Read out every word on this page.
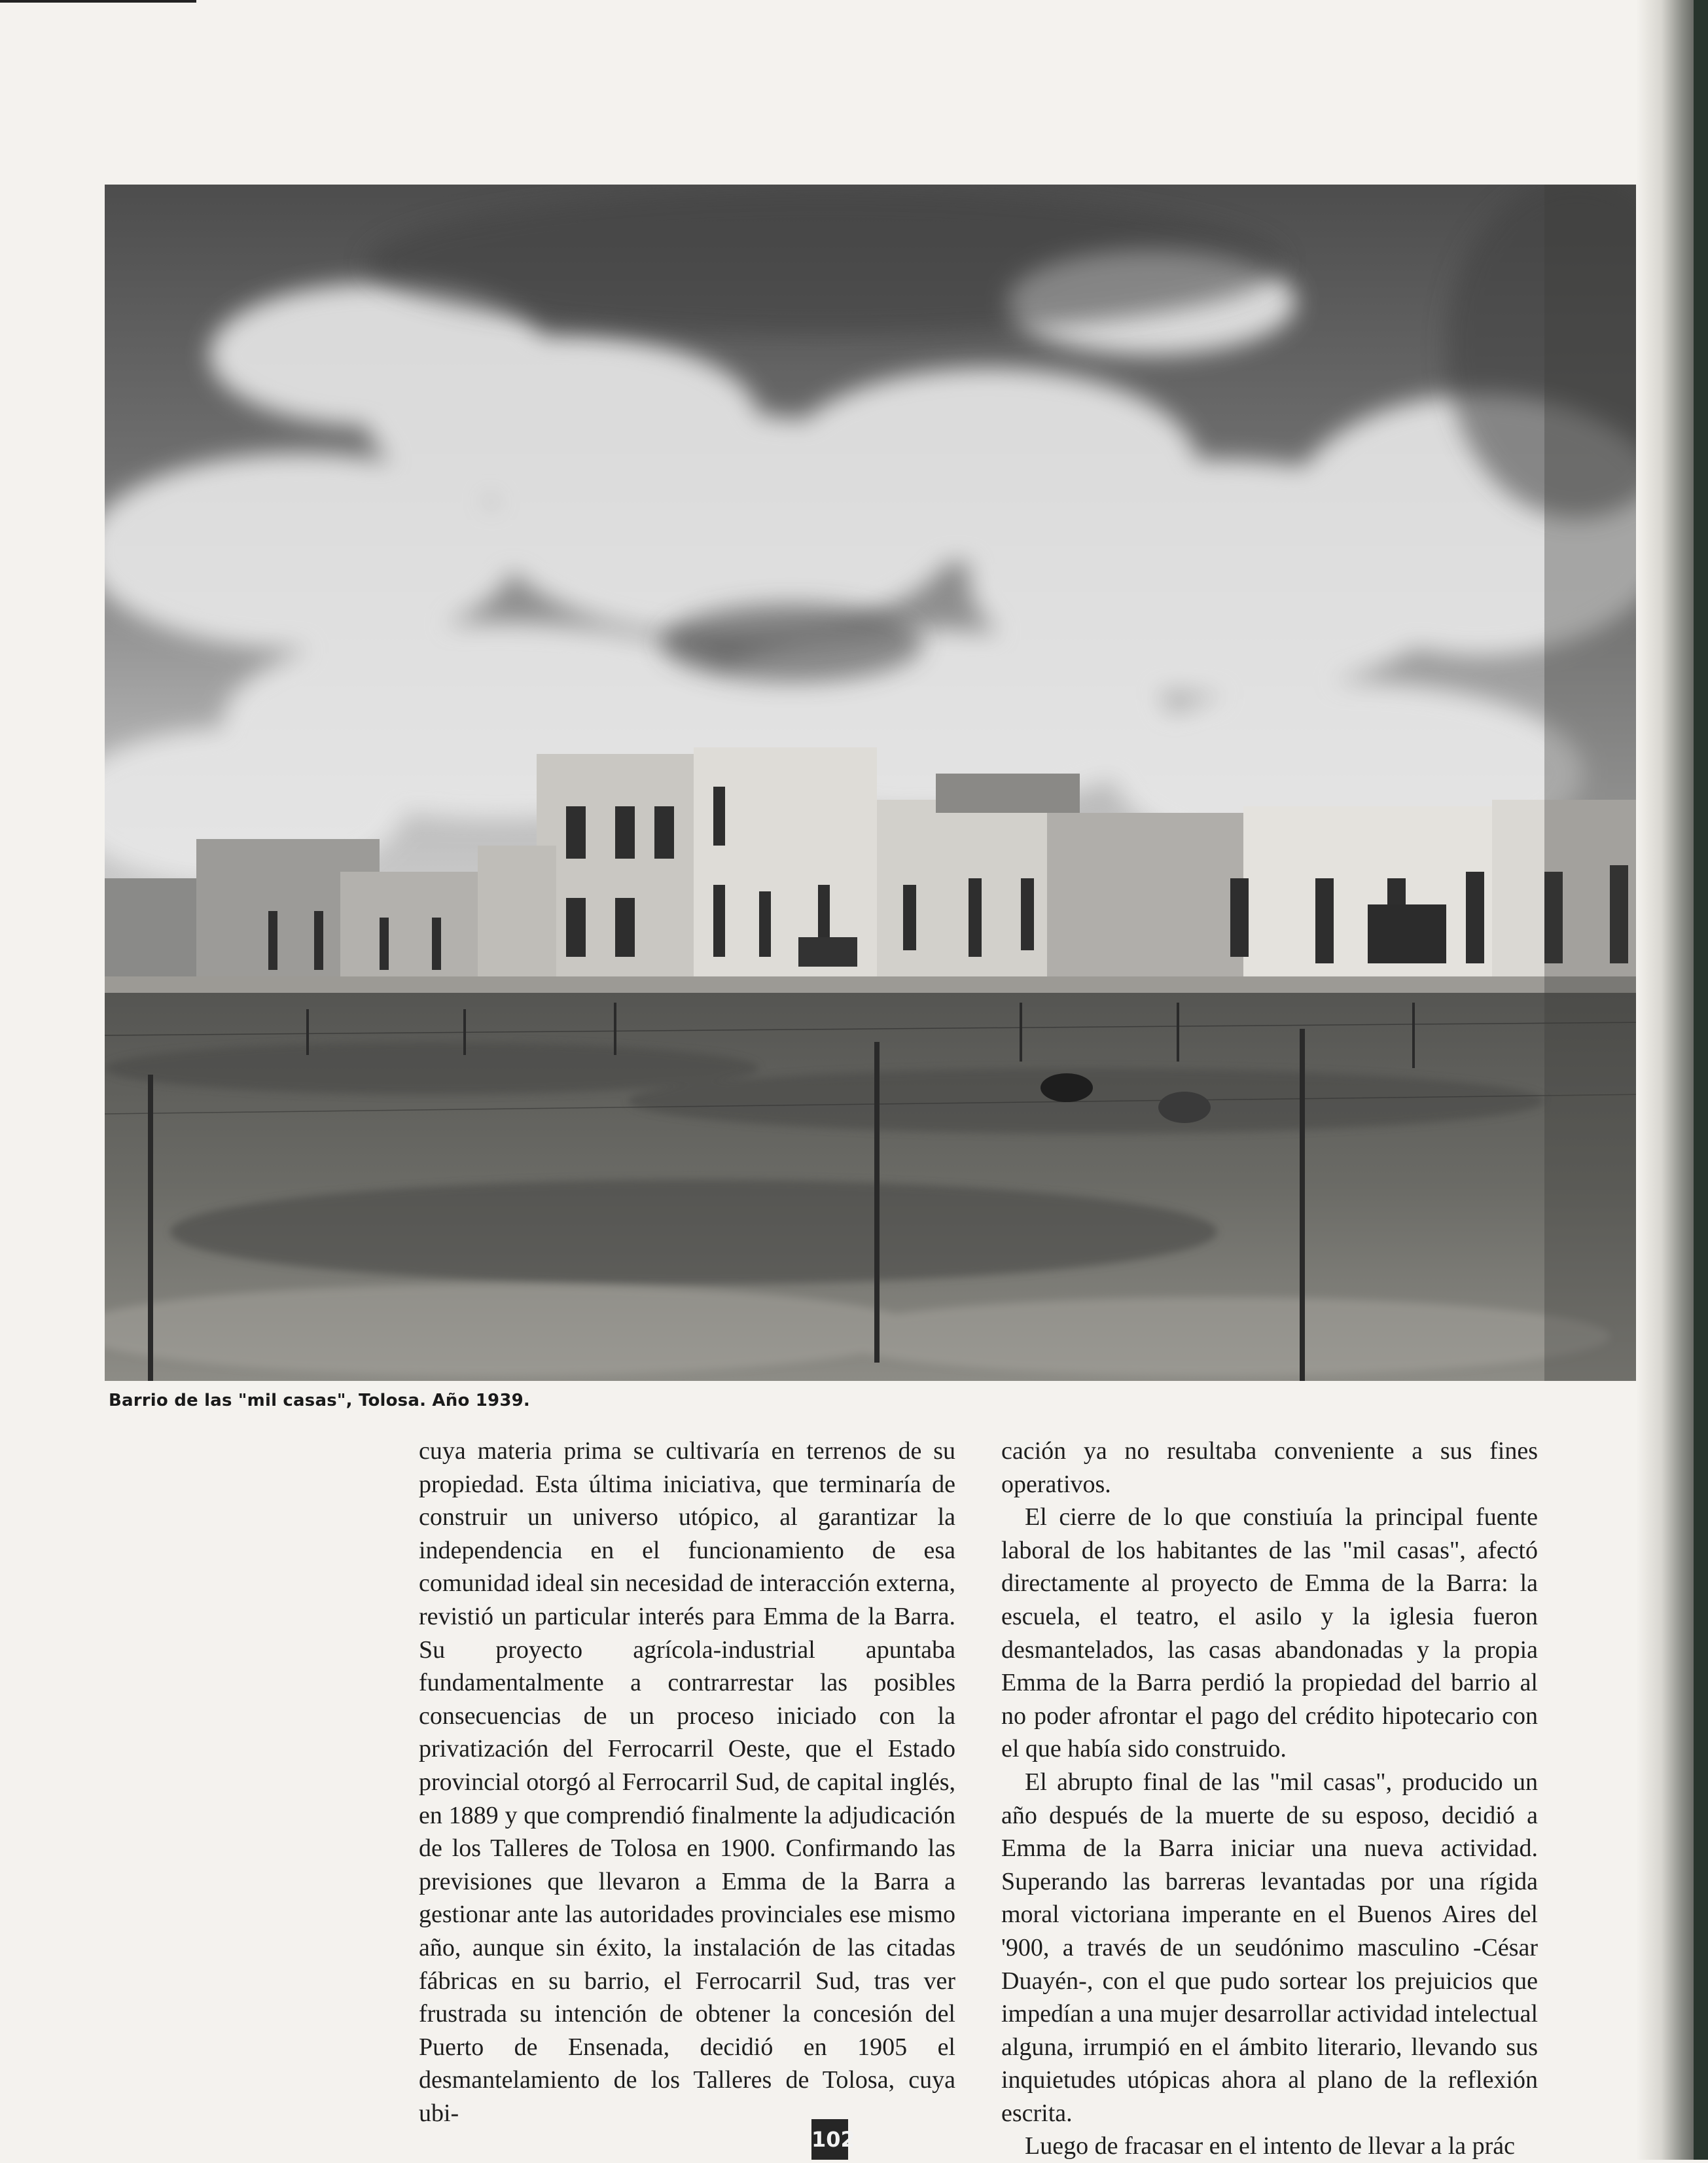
Barrio de las "mil casas", Tolosa. Año 1939.

cuya materia prima se cultivaría en terrenos de su propiedad. Esta última iniciativa, que terminaría de construir un universo utópico, al garantizar la independencia en el funcionamiento de esa comunidad ideal sin necesidad de interacción externa, revistió un particular interés para Emma de la Barra. Su proyecto agrícola-industrial apuntaba fundamentalmente a contrarrestar las posibles consecuencias de un proceso iniciado con la privatización del Ferrocarril Oeste, que el Estado provincial otorgó al Ferrocarril Sud, de capital inglés, en 1889 y que comprendió finalmente la adjudicación de los Talleres de Tolosa en 1900. Confirmando las previsiones que llevaron a Emma de la Barra a gestionar ante las autoridades provinciales ese mismo año, aunque sin éxito, la instalación de las citadas fábricas en su barrio, el Ferrocarril Sud, tras ver frustrada su intención de obtener la concesión del Puerto de Ensenada, decidió en 1905 el desmantelamiento de los Talleres de Tolosa, cuya ubi-

cación ya no resultaba conveniente a sus fines operativos.

El cierre de lo que constiuía la principal fuente laboral de los habitantes de las "mil casas", afectó directamente al proyecto de Emma de la Barra: la escuela, el teatro, el asilo y la iglesia fueron desmantelados, las casas abandonadas y la propia Emma de la Barra perdió la propiedad del barrio al no poder afrontar el pago del crédito hipotecario con el que había sido construido.

El abrupto final de las "mil casas", producido un año después de la muerte de su esposo, decidió a Emma de la Barra iniciar una nueva actividad. Superando las barreras levantadas por una rígida moral victoriana imperante en el Buenos Aires del '900, a través de un seudónimo masculino -César Duayén-, con el que pudo sortear los prejuicios que impedían a una mujer desarrollar actividad intelectual alguna, irrumpió en el ámbito literario, llevando sus inquietudes utópicas ahora al plano de la reflexión escrita.

Luego de fracasar en el intento de llevar a la prác

102
